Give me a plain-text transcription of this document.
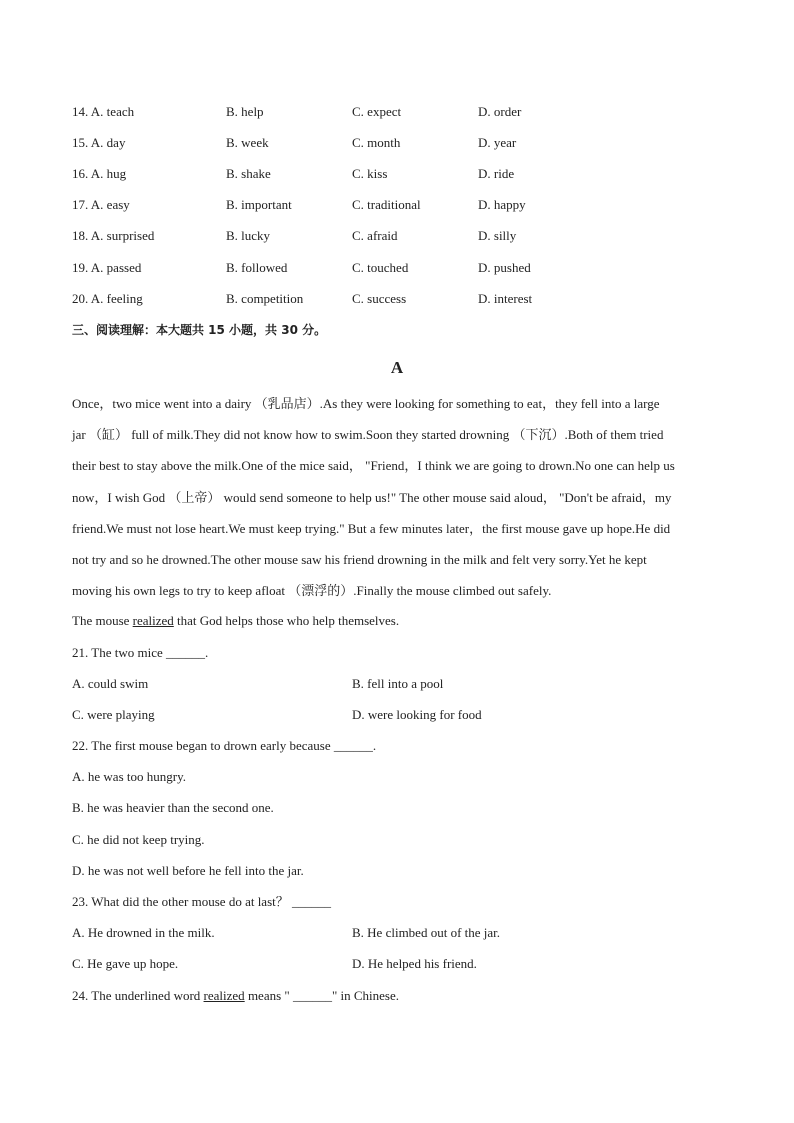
14. A. teach	B. help	C. expect	D. order
15. A. day	B. week	C. month	D. year
16. A. hug	B. shake	C. kiss	D. ride
17. A. easy	B. important	C. traditional	D. happy
18. A. surprised	B. lucky	C. afraid	D. silly
19. A. passed	B. followed	C. touched	D. pushed
20. A. feeling	B. competition	C. success	D. interest
三、阅读理解：本大题共 15 小题，共 30 分。
A
Once，two mice went into a dairy （乳品店）.As they were looking for something to eat，they fell into a large
jar （缸） full of milk.They did not know how to swim.Soon they started drowning （下沉）.Both of them tried
their best to stay above the milk.One of the mice said， "Friend，I think we are going to drown.No one can help us
now，I wish God （上帝） would send someone to help us!" The other mouse said aloud， "Don't be afraid，my
friend.We must not lose heart.We must keep trying." But a few minutes later，the first mouse gave up hope.He did
not try and so he drowned.The other mouse saw his friend drowning in the milk and felt very sorry.Yet he kept
moving his own legs to try to keep afloat （漂浮的）.Finally the mouse climbed out safely.
The mouse realized that God helps those who help themselves.
21. The two mice ______.
A. could swim	B. fell into a pool
C. were playing	D. were looking for food
22. The first mouse began to drown early because ______.
A. he was too hungry.
B. he was heavier than the second one.
C. he did not keep trying.
D. he was not well before he fell into the jar.
23. What did the other mouse do at last？ ______
A. He drowned in the milk.	B. He climbed out of the jar.
C. He gave up hope.	D. He helped his friend.
24. The underlined word realized means " ______" in Chinese.
